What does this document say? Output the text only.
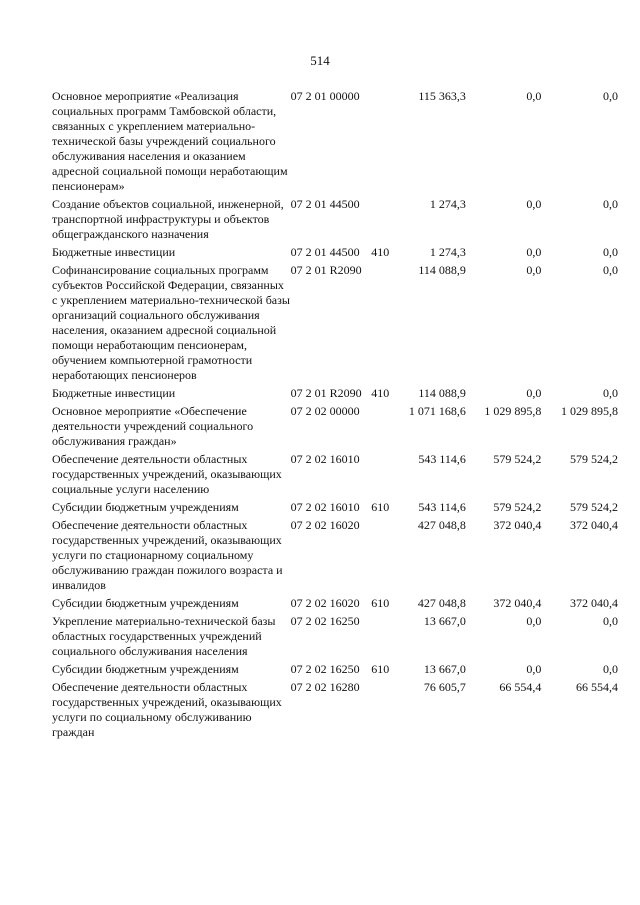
514
Основное мероприятие «Реализация социальных программ Тамбовской области, связанных с укреплением материально-технической базы учреждений социального обслуживания населения и оказанием адресной социальной помощи неработающим пенсионерам»	07 2 01 00000		115 363,3	0,0	0,0
Создание объектов социальной, инженерной, транспортной инфраструктуры и объектов общегражданского назначения	07 2 01 44500		1 274,3	0,0	0,0
Бюджетные инвестиции	07 2 01 44500	410	1 274,3	0,0	0,0
Софинансирование социальных программ субъектов Российской Федерации, связанных с укреплением материально-технической базы организаций социального обслуживания населения, оказанием адресной социальной помощи неработающим пенсионерам, обучением компьютерной грамотности неработающих пенсионеров	07 2 01 R2090		114 088,9	0,0	0,0
Бюджетные инвестиции	07 2 01 R2090	410	114 088,9	0,0	0,0
Основное мероприятие «Обеспечение деятельности учреждений социального обслуживания граждан»	07 2 02 00000		1 071 168,6	1 029 895,8	1 029 895,8
Обеспечение деятельности областных государственных учреждений, оказывающих социальные услуги населению	07 2 02 16010		543 114,6	579 524,2	579 524,2
Субсидии бюджетным учреждениям	07 2 02 16010	610	543 114,6	579 524,2	579 524,2
Обеспечение деятельности областных государственных учреждений, оказывающих услуги по стационарному социальному обслуживанию граждан пожилого возраста и инвалидов	07 2 02 16020		427 048,8	372 040,4	372 040,4
Субсидии бюджетным учреждениям	07 2 02 16020	610	427 048,8	372 040,4	372 040,4
Укрепление материально-технической базы областных государственных учреждений социального обслуживания населения	07 2 02 16250		13 667,0	0,0	0,0
Субсидии бюджетным учреждениям	07 2 02 16250	610	13 667,0	0,0	0,0
Обеспечение деятельности областных государственных учреждений, оказывающих услуги по социальному обслуживанию граждан	07 2 02 16280		76 605,7	66 554,4	66 554,4
